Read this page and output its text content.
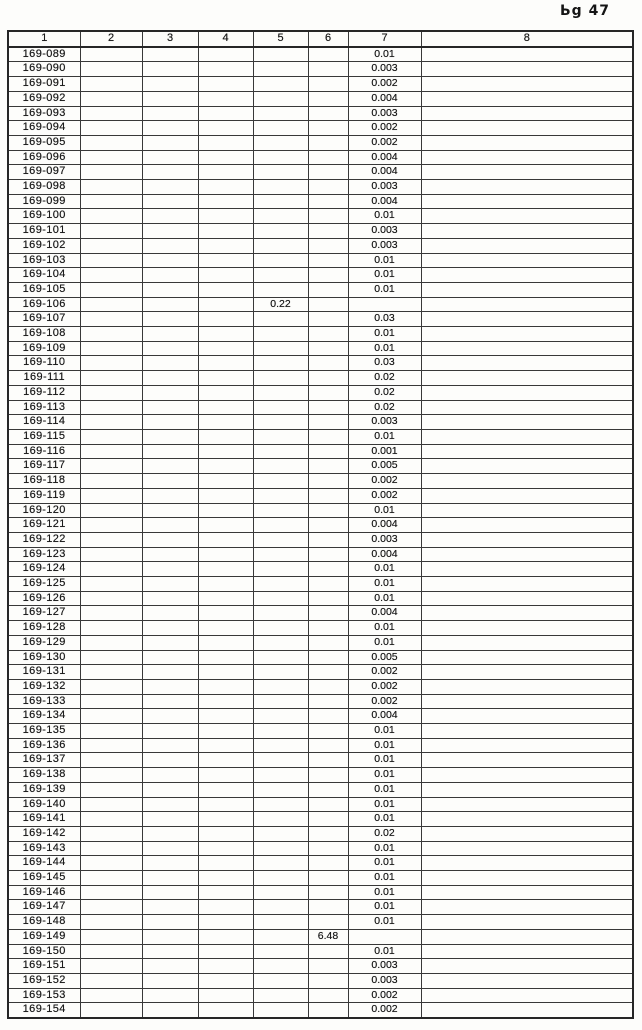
Ьg 47
1	2	3	4	5	6	7	8
169-089						0.01	
169-090						0.003	
169-091						0.002	
169-092						0.004	
169-093						0.003	
169-094						0.002	
169-095						0.002	
169-096						0.004	
169-097						0.004	
169-098						0.003	
169-099						0.004	
169-100						0.01	
169-101						0.003	
169-102						0.003	
169-103						0.01	
169-104						0.01	
169-105						0.01	
169-106				0.22			
169-107						0.03	
169-108						0.01	
169-109						0.01	
169-110						0.03	
169-111						0.02	
169-112						0.02	
169-113						0.02	
169-114						0.003	
169-115						0.01	
169-116						0.001	
169-117						0.005	
169-118						0.002	
169-119						0.002	
169-120						0.01	
169-121						0.004	
169-122						0.003	
169-123						0.004	
169-124						0.01	
169-125						0.01	
169-126						0.01	
169-127						0.004	
169-128						0.01	
169-129						0.01	
169-130						0.005	
169-131						0.002	
169-132						0.002	
169-133						0.002	
169-134						0.004	
169-135						0.01	
169-136						0.01	
169-137						0.01	
169-138						0.01	
169-139						0.01	
169-140						0.01	
169-141						0.01	
169-142						0.02	
169-143						0.01	
169-144						0.01	
169-145						0.01	
169-146						0.01	
169-147						0.01	
169-148						0.01	
169-149					6.48		
169-150						0.01	
169-151						0.003	
169-152						0.003	
169-153						0.002	
169-154						0.002	
